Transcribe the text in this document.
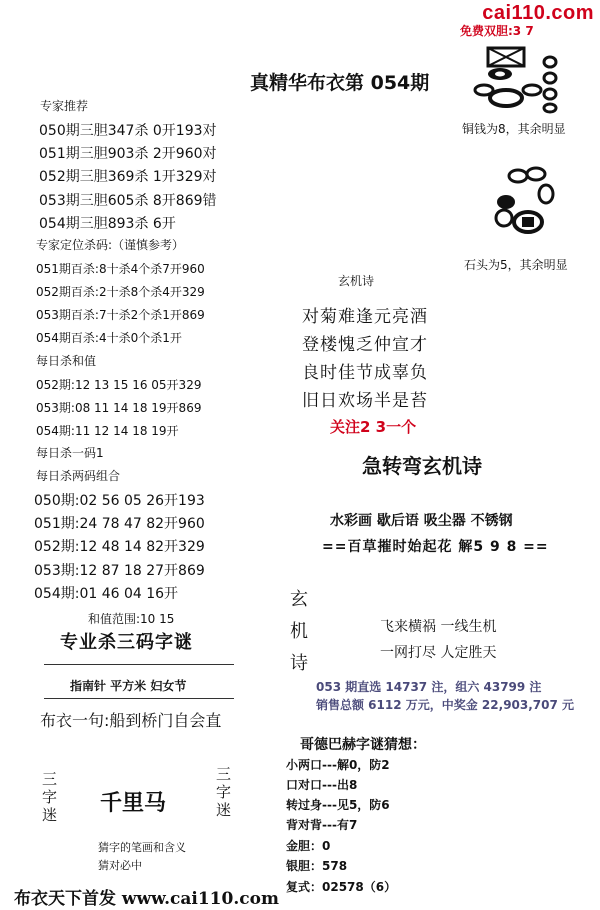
cai110.com
免费双胆:3 7
真精华布衣第 054期
专家推荐
050期三胆347杀 0开193对
051期三胆903杀 2开960对
052期三胆369杀 1开329对
053期三胆605杀 8开869错
054期三胆893杀 6开
专家定位杀码:（谨慎参考）
051期百杀:8十杀4个杀7开960
052期百杀:2十杀8个杀4开329
053期百杀:7十杀2个杀1开869
054期百杀:4十杀0个杀1开
每日杀和值
052期:12 13 15 16 05开329
053期:08 11 14 18 19开869
054期:11 12 14 18 19开
每日杀一码1
每日杀两码组合
050期:02 56 05 26开193
051期:24 78 47 82开960
052期:12 48 14 82开329
053期:12 87 18 27开869
054期:01 46 04 16开
和值范围:10 15
专业杀三码字谜
指南针 平方米 妇女节
布衣一句:船到桥门自会直
三
字
迷 千里马
三
字
迷
猜字的笔画和含义
猜对必中
布衣天下首发 www.cai110.com
铜钱为8，其余明显
石头为5，其余明显
玄机诗
对菊难逢元亮酒
登楼愧乏仲宣才
良时佳节成辜负
旧日欢场半是苔
关注2 3一个
急转弯玄机诗
水彩画 歇后语 吸尘器 不锈钢
==百草摧时始起花 解5 9 8 ==
玄
机
诗
飞来横祸 一线生机
一网打尽 人定胜天
053 期直选 14737 注，组六 43799 注
销售总额 6112 万元，中奖金 22,903,707 元
哥德巴赫字谜猜想：
小两口---解0，防2
口对口---出8
转过身---见5，防6
背对背---有7
金胆：0
银胆：578
复式：02578（6）
